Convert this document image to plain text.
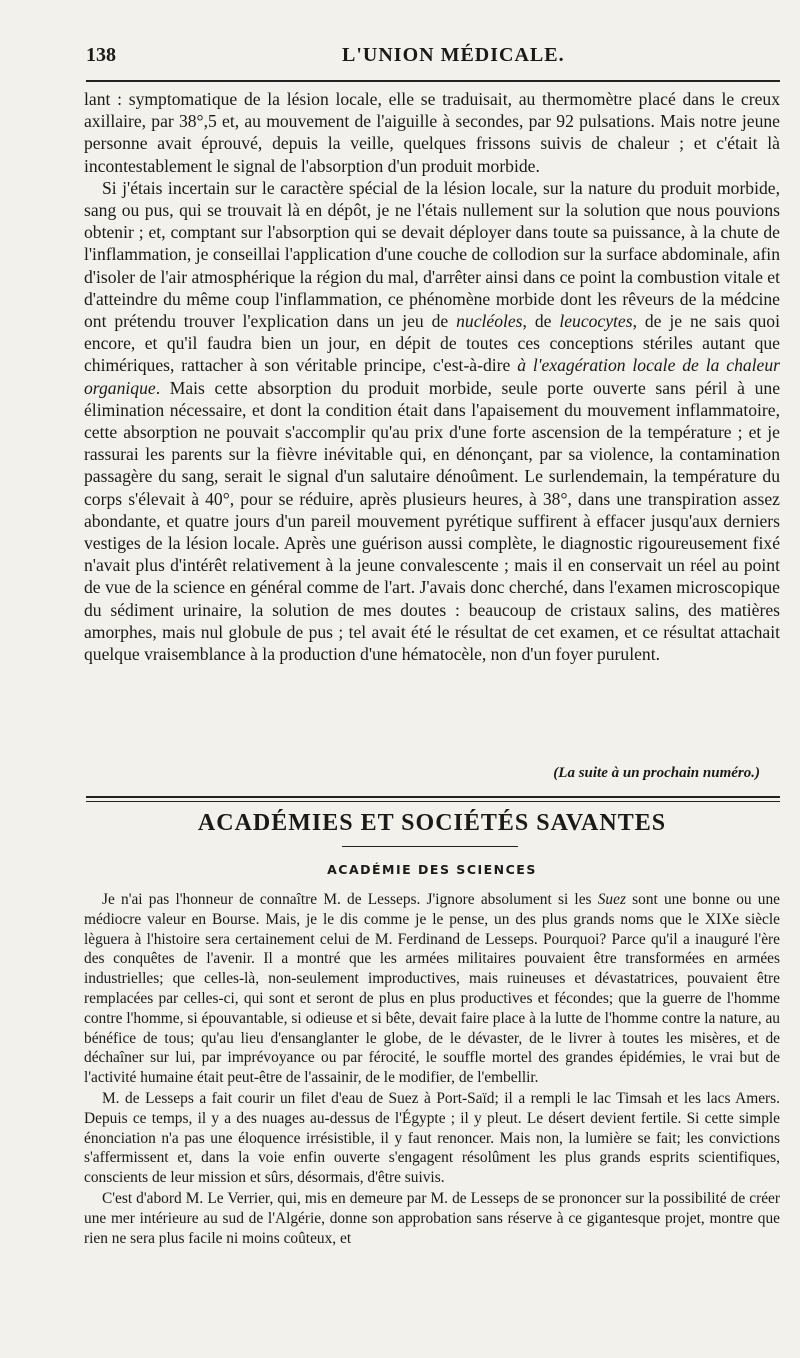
138	L'UNION MÉDICALE.

lant : symptomatique de la lésion locale, elle se traduisait, au thermomètre placé dans le creux axillaire, par 38°,5 et, au mouvement de l'aiguille à secondes, par 92 pulsations. Mais notre jeune personne avait éprouvé, depuis la veille, quelques frissons suivis de chaleur ; et c'était là incontestablement le signal de l'absorption d'un produit morbide.

Si j'étais incertain sur le caractère spécial de la lésion locale, sur la nature du produit morbide, sang ou pus, qui se trouvait là en dépôt, je ne l'étais nullement sur la solution que nous pouvions obtenir ; et, comptant sur l'absorption qui se devait déployer dans toute sa puissance, à la chute de l'inflammation, je conseillai l'application d'une couche de collodion sur la surface abdominale, afin d'isoler de l'air atmosphérique la région du mal, d'arrêter ainsi dans ce point la combustion vitale et d'atteindre du même coup l'inflammation, ce phénomène morbide dont les rêveurs de la médcine ont prétendu trouver l'explication dans un jeu de nucléoles, de leucocytes, de je ne sais quoi encore, et qu'il faudra bien un jour, en dépit de toutes ces conceptions stériles autant que chimériques, rattacher à son véritable principe, c'est-à-dire à l'exagération locale de la chaleur organique. Mais cette absorption du produit morbide, seule porte ouverte sans péril à une élimination nécessaire, et dont la condition était dans l'apaisement du mouvement inflammatoire, cette absorption ne pouvait s'accomplir qu'au prix d'une forte ascension de la température ; et je rassurai les parents sur la fièvre inévitable qui, en dénonçant, par sa violence, la contamination passagère du sang, serait le signal d'un salutaire dénoûment. Le surlendemain, la température du corps s'élevait à 40°, pour se réduire, après plusieurs heures, à 38°, dans une transpiration assez abondante, et quatre jours d'un pareil mouvement pyrétique suffirent à effacer jusqu'aux derniers vestiges de la lésion locale. Après une guérison aussi complète, le diagnostic rigoureusement fixé n'avait plus d'intérêt relativement à la jeune convalescente ; mais il en conservait un réel au point de vue de la science en général comme de l'art. J'avais donc cherché, dans l'examen microscopique du sédiment urinaire, la solution de mes doutes : beaucoup de cristaux salins, des matières amorphes, mais nul globule de pus ; tel avait été le résultat de cet examen, et ce résultat attachait quelque vraisemblance à la production d'une hématocèle, non d'un foyer purulent.

(La suite à un prochain numéro.)
ACADÉMIES ET SOCIÉTÉS SAVANTES
ACADÉMIE DES SCIENCES

Je n'ai pas l'honneur de connaître M. de Lesseps. J'ignore absolument si les Suez sont une bonne ou une médiocre valeur en Bourse. Mais, je le dis comme je le pense, un des plus grands noms que le XIXe siècle lèguera à l'histoire sera certainement celui de M. Ferdinand de Lesseps. Pourquoi? Parce qu'il a inauguré l'ère des conquêtes de l'avenir. Il a montré que les armées militaires pouvaient être transformées en armées industrielles; que celles-là, non-seulement improductives, mais ruineuses et dévastatrices, pouvaient être remplacées par celles-ci, qui sont et seront de plus en plus productives et fécondes; que la guerre de l'homme contre l'homme, si épouvantable, si odieuse et si bête, devait faire place à la lutte de l'homme contre la nature, au bénéfice de tous; qu'au lieu d'ensanglanter le globe, de le dévaster, de le livrer à toutes les misères, et de déchaîner sur lui, par imprévoyance ou par férocité, le souffle mortel des grandes épidémies, le vrai but de l'activité humaine était peut-être de l'assainir, de le modifier, de l'embellir.

M. de Lesseps a fait courir un filet d'eau de Suez à Port-Saïd; il a rempli le lac Timsah et les lacs Amers. Depuis ce temps, il y a des nuages au-dessus de l'Égypte ; il y pleut. Le désert devient fertile. Si cette simple énonciation n'a pas une éloquence irrésistible, il y faut renoncer. Mais non, la lumière se fait; les convictions s'affermissent et, dans la voie enfin ouverte s'engagent résolûment les plus grands esprits scientifiques, conscients de leur mission et sûrs, désormais, d'être suivis.

C'est d'abord M. Le Verrier, qui, mis en demeure par M. de Lesseps de se prononcer sur la possibilité de créer une mer intérieure au sud de l'Algérie, donne son approbation sans réserve à ce gigantesque projet, montre que rien ne sera plus facile ni moins coûteux, et
